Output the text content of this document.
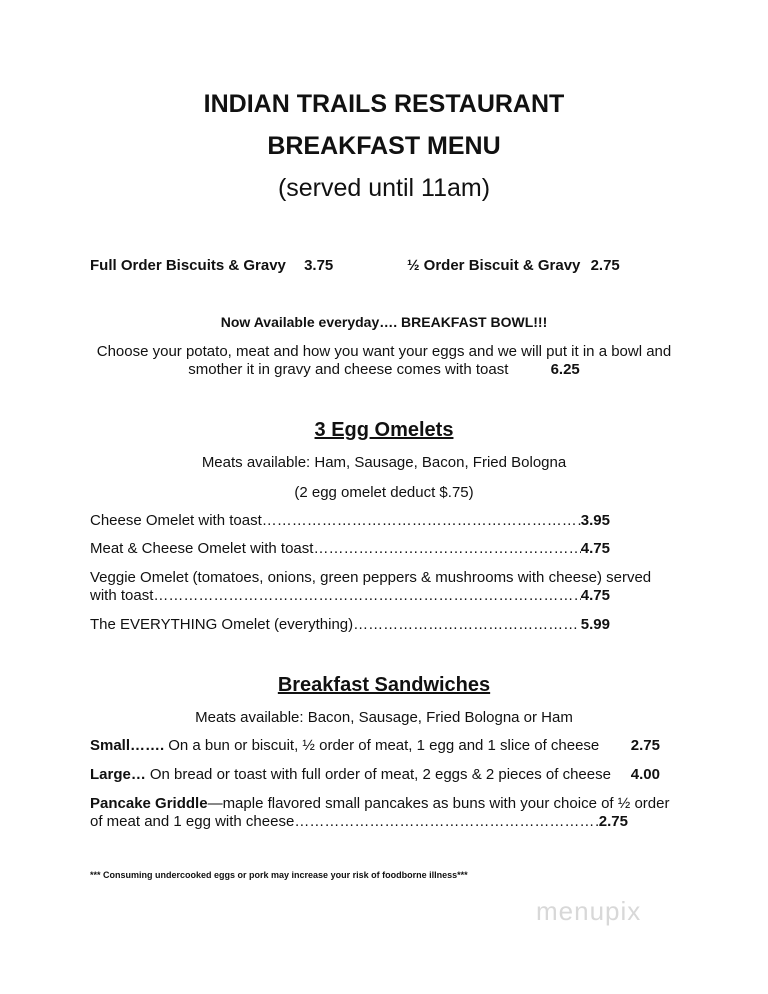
INDIAN TRAILS RESTAURANT
BREAKFAST MENU
(served until 11am)
Full Order Biscuits & Gravy 3.75	½ Order Biscuit & Gravy 2.75
Now Available everyday…. BREAKFAST BOWL!!!
Choose your potato, meat and how you want your eggs and we will put it in a bowl and
smother it in gravy and cheese comes with toast	6.25
3 Egg Omelets
Meats available: Ham, Sausage, Bacon, Fried Bologna
(2 egg omelet deduct $.75)
Cheese Omelet with toast ……………………………………………………………………………………………………………………………………	3.95
Meat & Cheese Omelet with toast ……………………………………………………………………………………………………………………………………	4.75
Veggie Omelet (tomatoes, onions, green peppers & mushrooms with cheese) served
with toast ……………………………………………………………………………………………………………………………………	4.75
The EVERYTHING Omelet (everything) ……………………………………………………………………………………………………………………………………	5.99
Breakfast Sandwiches
Meats available: Bacon, Sausage, Fried Bologna or Ham
Small……. On a bun or biscuit, ½ order of meat, 1 egg and 1 slice of cheese	2.75
Large… On bread or toast with full order of meat, 2 eggs & 2 pieces of cheese	4.00
Pancake Griddle—maple flavored small pancakes as buns with your choice of ½ order
of meat and 1 egg with cheese ……………………………………………………………………………………………………………………………………	2.75
*** Consuming undercooked eggs or pork may increase your risk of foodborne illness***
menupix
